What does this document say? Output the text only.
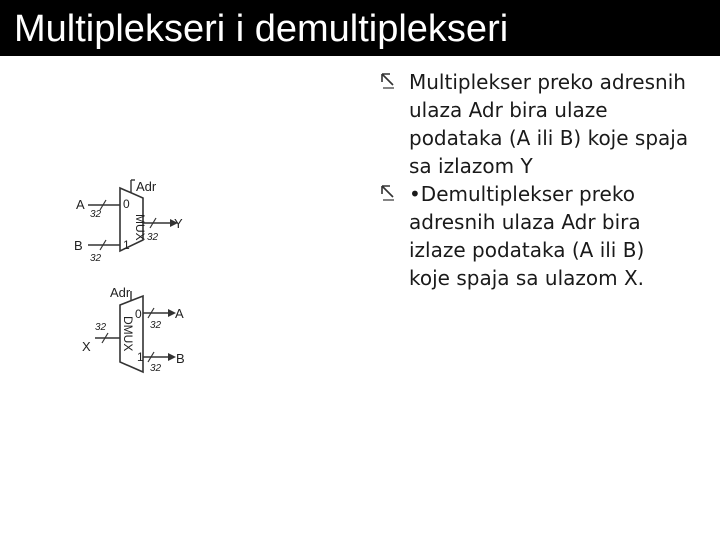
Multiplekseri i demultiplekseri
Multiplekser preko adresnih
ulaza Adr bira ulaze
podataka (A ili B) koje spaja
sa izlazom Y
•Demultiplekser preko
adresnih ulaza Adr bira
izlaze podataka (A ili B)
koje spaja sa ulazom X.
Adr
A
32
B
32
0
1
MUX Y
32
Adr
X
32
0
1
DMUX
A
32
B
32
